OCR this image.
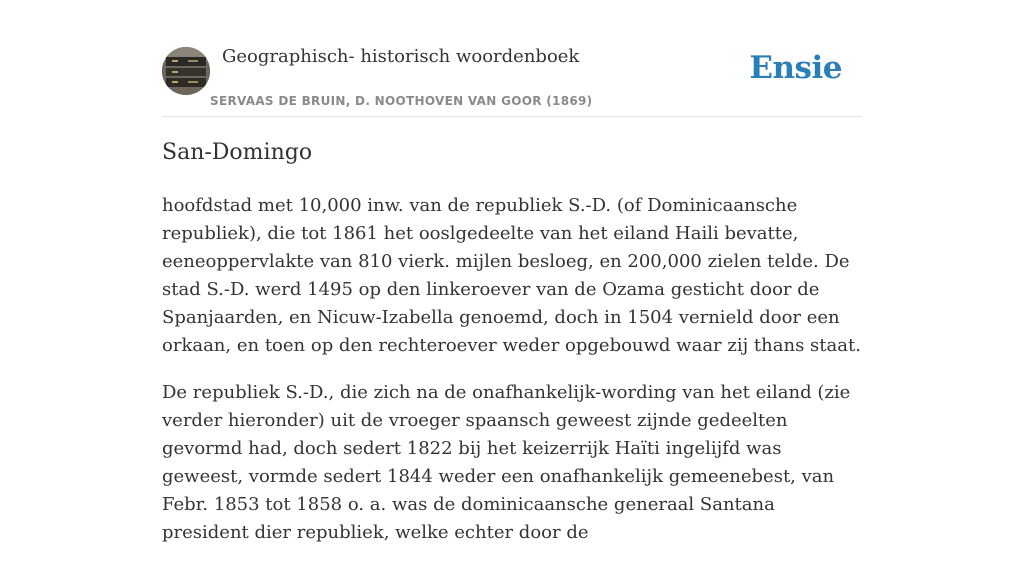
Geographisch- historisch woordenboek
SERVAAS DE BRUIN, D. NOOTHOVEN VAN GOOR (1869)
Ensie
San-Domingo

hoofdstad met 10,000 inw. van de republiek S.-D. (of Dominicaansche republiek), die tot 1861 het ooslgedeelte van het eiland Haili bevatte, eeneoppervlakte van 810 vierk. mijlen besloeg, en 200,000 zielen telde. De stad S.-D. werd 1495 op den linkeroever van de Ozama gesticht door de Spanjaarden, en Nicuw-Izabella genoemd, doch in 1504 vernield door een orkaan, en toen op den rechteroever weder opgebouwd waar zij thans staat.

De republiek S.-D., die zich na de onafhankelijk-wording van het eiland (zie verder hieronder) uit de vroeger spaansch geweest zijnde gedeelten gevormd had, doch sedert 1822 bij het keizerrijk Haïti ingelijfd was geweest, vormde sedert 1844 weder een onafhankelijk gemeenebest, van Febr. 1853 tot 1858 o. a. was de dominicaansche generaal Santana president dier republiek, welke echter door de
